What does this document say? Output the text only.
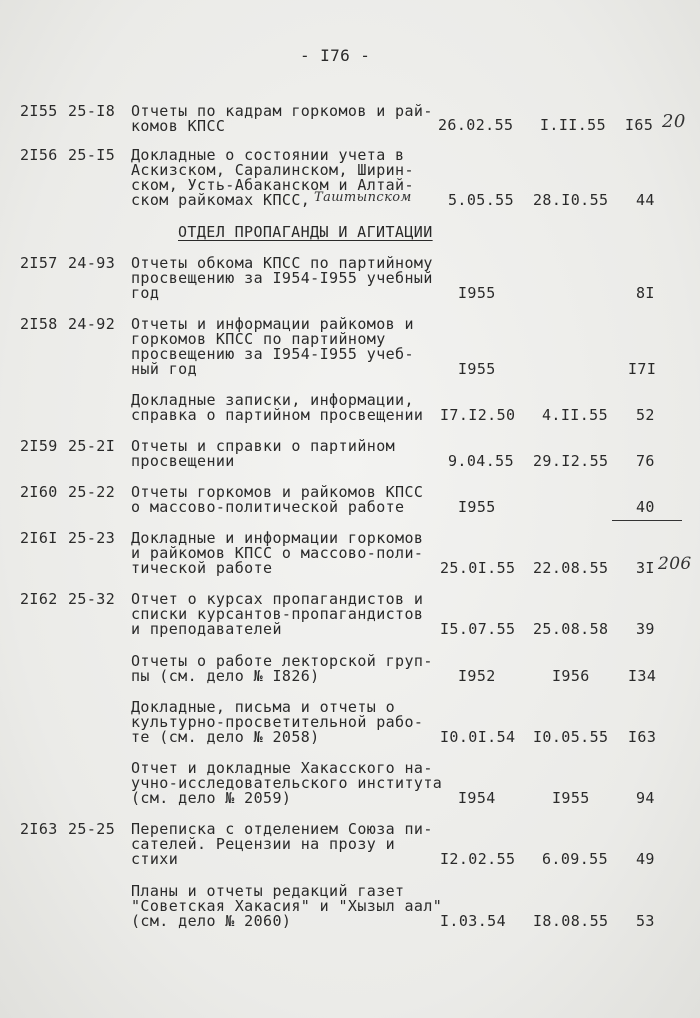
- I76 -
2I55 25-I8 Отчеты по кадрам горкомов и рай-
комов КПСС	26.02.55 I.II.55 I65 20
2I56 25-I5 Докладные о состоянии учета в
Аскизском, Саралинском, Ширин-
ском, Усть-Абаканском и Алтай-
ском райкомах КПСС, Таштыпском 5.05.55 28.I0.55 44
ОТДЕЛ ПРОПАГАНДЫ И АГИТАЦИИ
2I57 24-93 Отчеты обкома КПСС по партийному
просвещению за I954-I955 учебный
год	I955	8I
2I58 24-92 Отчеты и информации райкомов и
горкомов КПСС по партийному
просвещению за I954-I955 учеб-
ный год	I955	I7I
Докладные записки, информации,
справка о партийном просвещении I7.I2.50 4.II.55 52
2I59 25-2I Отчеты и справки о партийном
просвещении	9.04.55 29.I2.55 76
2I60 25-22 Отчеты горкомов и райкомов КПСС
о массово-политической работе	I955	40
2I6I 25-23 Докладные и информации горкомов
и райкомов КПСС о массово-поли-
тической работе	25.0I.55 22.08.55 3I 206
2I62 25-32 Отчет о курсах пропагандистов и
списки курсантов-пропагандистов
и преподавателей	I5.07.55 25.08.58 39
Отчеты о работе лекторской груп-
пы (см. дело № I826)	I952	I956	I34
Докладные, письма и отчеты о
культурно-просветительной рабо-
те (см. дело № 2058)	I0.0I.54 I0.05.55 I63
Отчет и докладные Хакасского на-
учно-исследовательского института
(см. дело № 2059)	I954	I955	94
2I63 25-25 Переписка с отделением Союза пи-
сателей. Рецензии на прозу и
стихи	I2.02.55 6.09.55 49
Планы и отчеты редакций газет
"Советская Хакасия" и "Хызыл аал"
(см. дело № 2060)	I.03.54 I8.08.55 53
